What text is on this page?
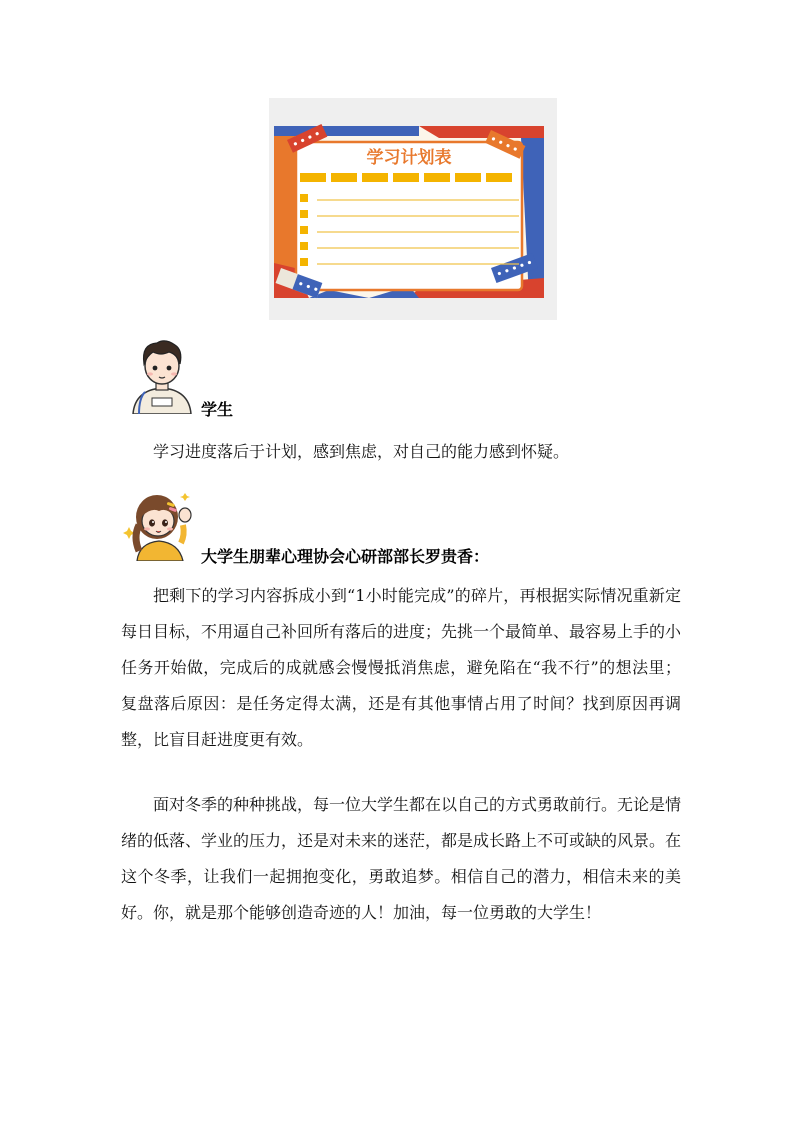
学习计划表
学生

学习进度落后于计划，感到焦虑，对自己的能力感到怀疑。

大学生朋辈心理协会心研部部长罗贵香：

把剩下的学习内容拆成小到“1小时能完成”的碎片，再根据实际情况重新定每日目标，不用逼自己补回所有落后的进度；先挑一个最简单、最容易上手的小任务开始做，完成后的成就感会慢慢抵消焦虑，避免陷在“我不行”的想法里；复盘落后原因：是任务定得太满，还是有其他事情占用了时间？找到原因再调整，比盲目赶进度更有效。

面对冬季的种种挑战，每一位大学生都在以自己的方式勇敢前行。无论是情绪的低落、学业的压力，还是对未来的迷茫，都是成长路上不可或缺的风景。在这个冬季，让我们一起拥抱变化，勇敢追梦。相信自己的潜力，相信未来的美好。你，就是那个能够创造奇迹的人！加油，每一位勇敢的大学生！
